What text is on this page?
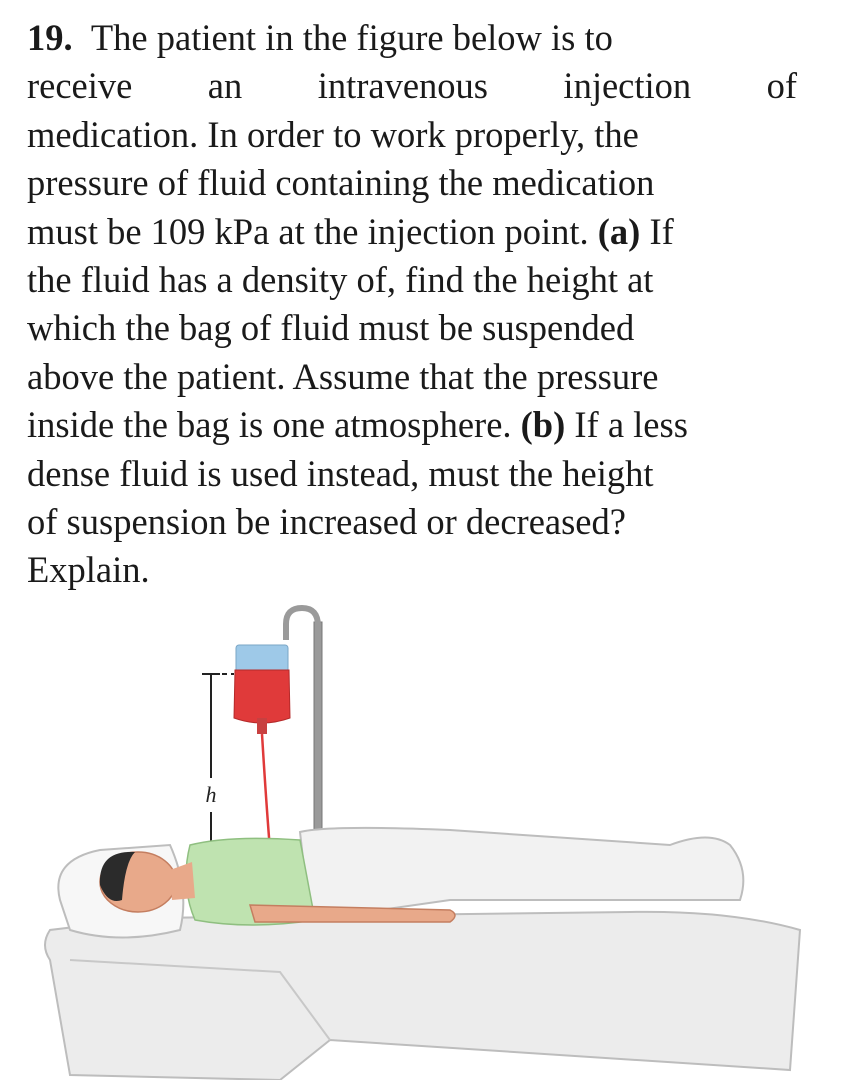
19. The patient in the figure below is to
receive an intravenous injection of
medication. In order to work properly, the
pressure of fluid containing the medication
must be 109 kPa at the injection point. (a) If
the fluid has a density of, find the height at
which the bag of fluid must be suspended
above the patient. Assume that the pressure
inside the bag is one atmosphere. (b) If a less
dense fluid is used instead, must the height
of suspension be increased or decreased?
Explain.
h
